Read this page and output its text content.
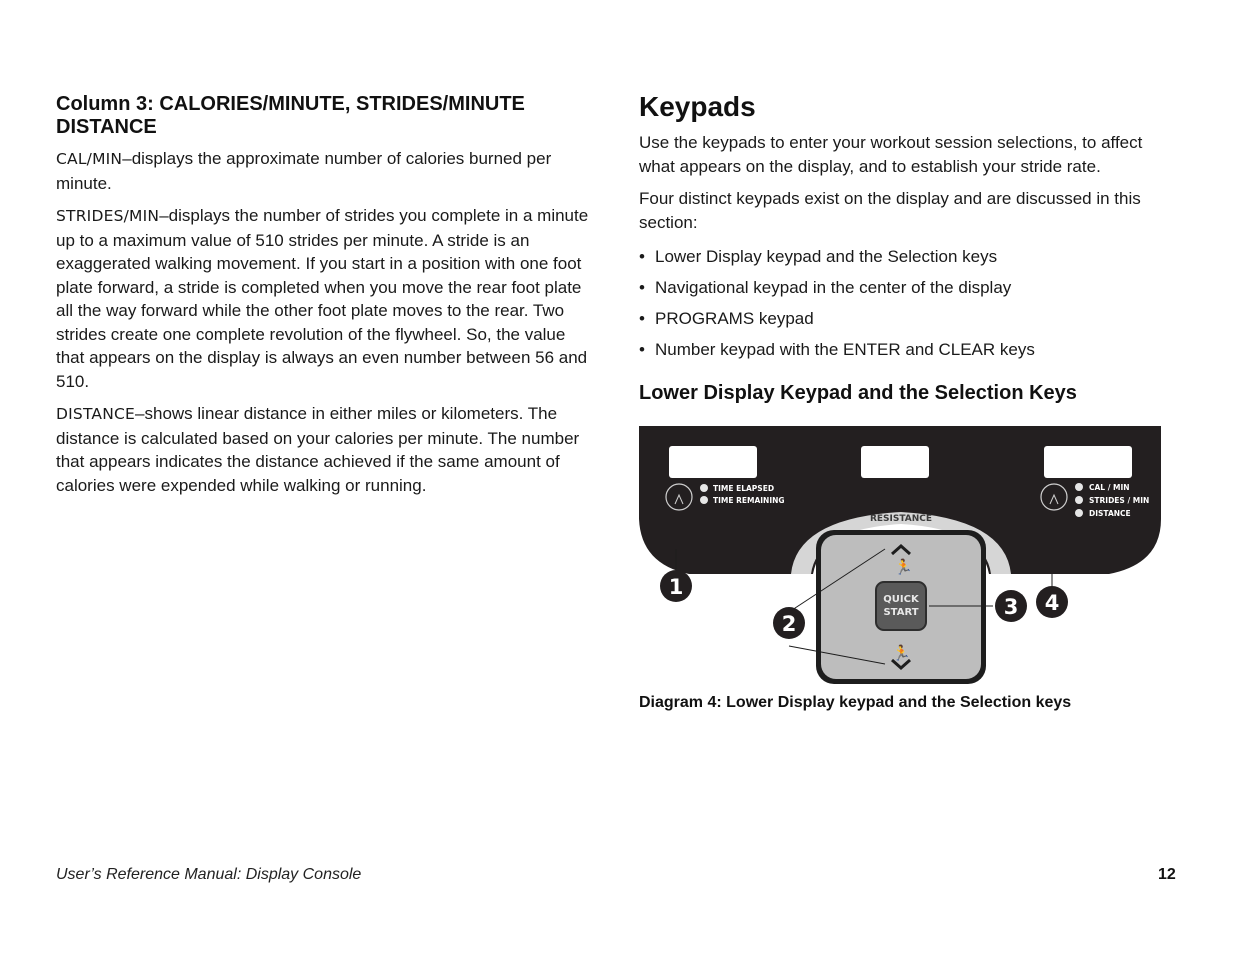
Column 3: CALORIES/MINUTE, STRIDES/MINUTE DISTANCE

CAL/MIN–displays the approximate number of calories burned per minute.

STRIDES/MIN–displays the number of strides you complete in a minute up to a maximum value of 510 strides per minute. A stride is an exaggerated walking movement. If you start in a position with one foot plate forward, a stride is completed when you move the rear foot plate all the way forward while the other foot plate moves to the rear. Two strides create one complete revolution of the flywheel. So, the value that appears on the display is always an even number between 56 and 510.

DISTANCE–shows linear distance in either miles or kilometers. The distance is calculated based on your calories per minute. The number that appears indicates the distance achieved if the same amount of calories were expended while walking or running.

Keypads

Use the keypads to enter your workout session selections, to affect what appears on the display, and to establish your stride rate.

Four distinct keypads exist on the display and are discussed in this section:

• Lower Display keypad and the Selection keys
• Navigational keypad in the center of the display
• PROGRAMS keypad
• Number keypad with the ENTER and CLEAR keys
Lower Display Keypad and the Selection Keys
TIME ELAPSED
TIME REMAINING
CAL / MIN
STRIDES / MIN
DISTANCE
RESISTANCE
🏃
QUICK
START
🏃
1
2
3 4
Diagram 4: Lower Display keypad and the Selection keys
User’s Reference Manual: Display Console	12
